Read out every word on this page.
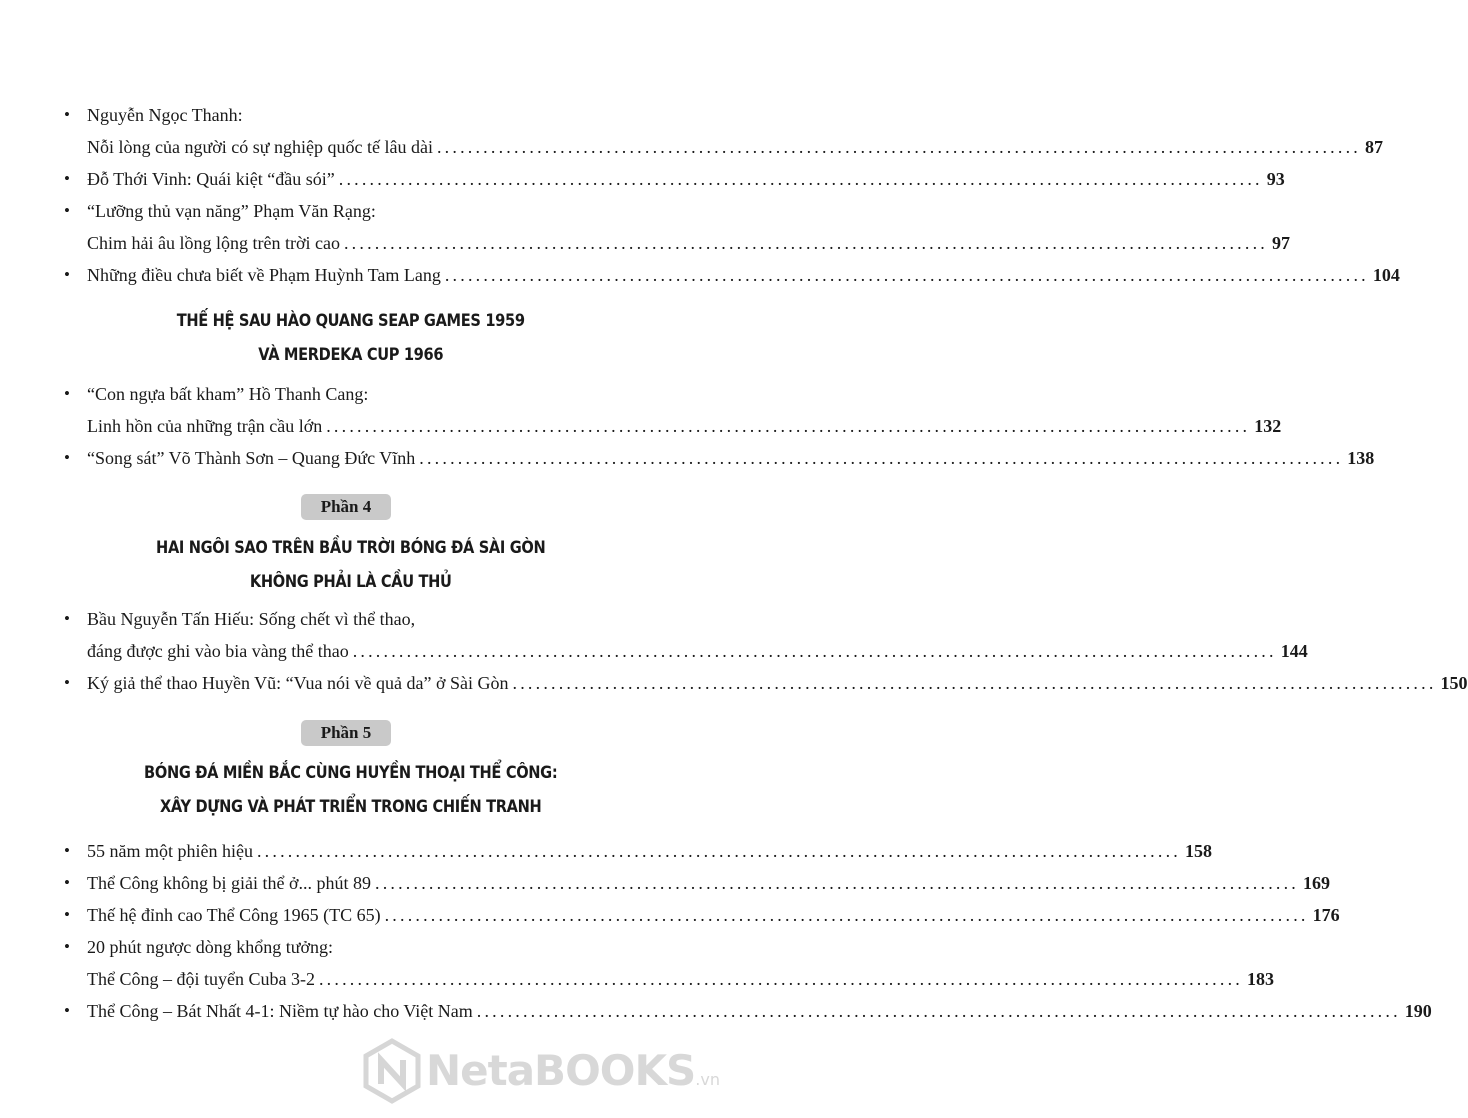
• Nguyễn Ngọc Thanh:
Nỗi lòng của người có sự nghiệp quốc tế lâu dài ........................................................................................................................ 87
• Đỗ Thới Vinh: Quái kiệt “đầu sói” ........................................................................................................................ 93
• “Lưỡng thủ vạn năng” Phạm Văn Rạng:
Chim hải âu lồng lộng trên trời cao ........................................................................................................................ 97
• Những điều chưa biết về Phạm Huỳnh Tam Lang ........................................................................................................................ 104
THẾ HỆ SAU HÀO QUANG SEAP GAMES 1959
VÀ MERDEKA CUP 1966
• “Con ngựa bất kham” Hồ Thanh Cang:
Linh hồn của những trận cầu lớn ........................................................................................................................ 132
• “Song sát” Võ Thành Sơn – Quang Đức Vĩnh ........................................................................................................................ 138
Phần 4
HAI NGÔI SAO TRÊN BẦU TRỜI BÓNG ĐÁ SÀI GÒN
KHÔNG PHẢI LÀ CẦU THỦ
• Bầu Nguyễn Tấn Hiếu: Sống chết vì thể thao,
đáng được ghi vào bia vàng thể thao ........................................................................................................................ 144
• Ký giả thể thao Huyền Vũ: “Vua nói về quả da” ở Sài Gòn ........................................................................................................................ 150
Phần 5
BÓNG ĐÁ MIỀN BẮC CÙNG HUYỀN THOẠI THỂ CÔNG:
XÂY DỰNG VÀ PHÁT TRIỂN TRONG CHIẾN TRANH
• 55 năm một phiên hiệu ........................................................................................................................ 158
• Thể Công không bị giải thể ở... phút 89 ........................................................................................................................ 169
• Thế hệ đỉnh cao Thể Công 1965 (TC 65) ........................................................................................................................ 176
• 20 phút ngược dòng khổng tưởng:
Thể Công – đội tuyển Cuba 3-2 ........................................................................................................................ 183
• Thể Công – Bát Nhất 4-1: Niềm tự hào cho Việt Nam ........................................................................................................................ 190
NetaBOOKS.vn
